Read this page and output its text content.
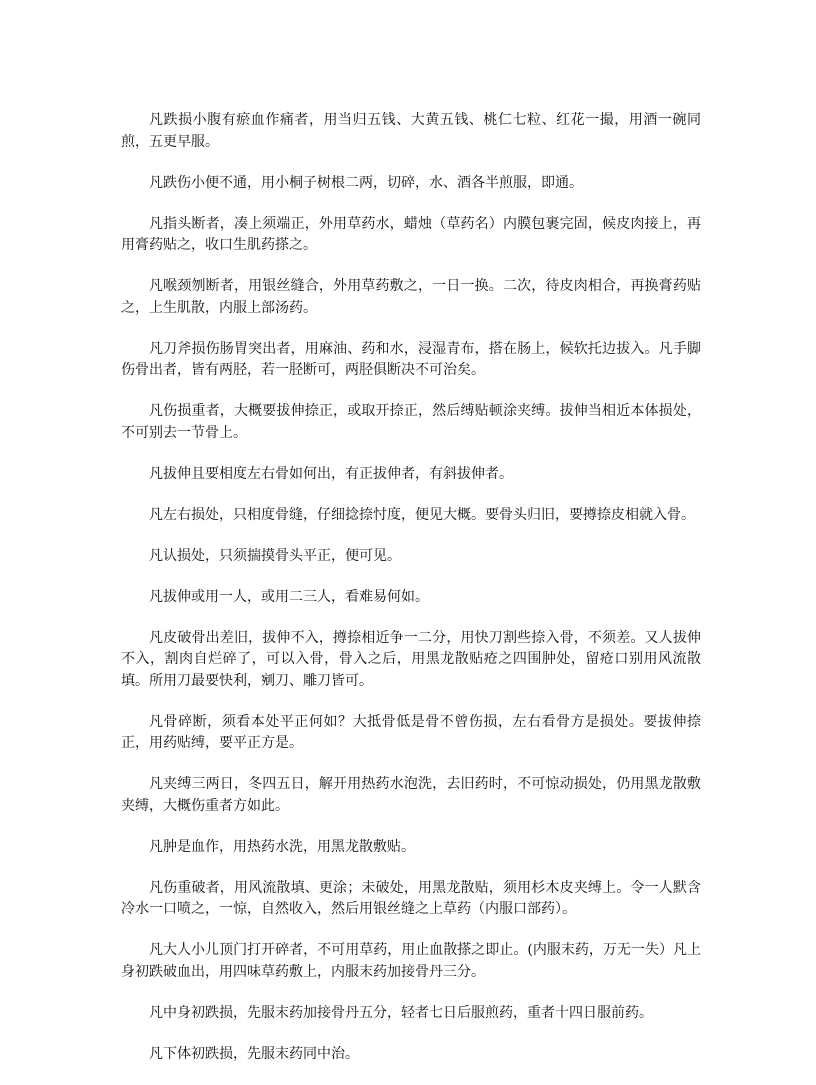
凡跌损小腹有瘀血作痛者，用当归五钱、大黄五钱、桃仁七粒、红花一撮，用酒一碗同煎，五更早服。

凡跌伤小便不通，用小桐子树根二两，切碎，水、酒各半煎服，即通。

凡指头断者，凑上须端正，外用草药水，蜡烛（草药名）内膜包裹完固，候皮肉接上，再用膏药贴之，收口生肌药搽之。

凡喉颈刎断者，用银丝缝合，外用草药敷之，一日一换。二次，待皮肉相合，再换膏药贴之，上生肌散，内服上部汤药。

凡刀斧损伤肠胃突出者，用麻油、药和水，浸湿青布，搭在肠上，候软托边拔入。凡手脚伤骨出者，皆有两胫，若一胫断可，两胫俱断决不可治矣。

凡伤损重者，大概要拔伸捺正，或取开捺正，然后缚贴顿涂夹缚。拔伸当相近本体损处，不可别去一节骨上。

凡拔伸且要相度左右骨如何出，有正拔伸者，有斜拔伸者。

凡左右损处，只相度骨缝，仔细捻捺忖度，便见大概。要骨头归旧，要撙捺皮相就入骨。

凡认损处，只须揣摸骨头平正，便可见。

凡拔伸或用一人，或用二三人，看难易何如。

凡皮破骨出差旧，拔伸不入，撙捺相近争一二分，用快刀割些捺入骨，不须差。又人拔伸不入，割肉自烂碎了，可以入骨，骨入之后，用黑龙散贴疮之四围肿处，留疮口别用风流散填。所用刀最要快利，剜刀、雕刀皆可。

凡骨碎断，须看本处平正何如？大抵骨低是骨不曾伤损，左右看骨方是损处。要拔伸捺正，用药贴缚，要平正方是。

凡夹缚三两日，冬四五日，解开用热药水泡洗，去旧药时，不可惊动损处，仍用黑龙散敷夹缚，大概伤重者方如此。

凡肿是血作，用热药水洗，用黑龙散敷贴。

凡伤重破者，用风流散填、更涂；未破处，用黑龙散贴，须用杉木皮夹缚上。令一人默含冷水一口喷之，一惊，自然收入，然后用银丝缝之上草药（内服口部药）。

凡大人小儿顶门打开碎者，不可用草药，用止血散搽之即止。(内服末药，万无一失）凡上身初跌破血出，用四味草药敷上，内服末药加接骨丹三分。

凡中身初跌损，先服末药加接骨丹五分，轻者七日后服煎药，重者十四日服前药。

凡下体初跌损，先服末药同中治。
